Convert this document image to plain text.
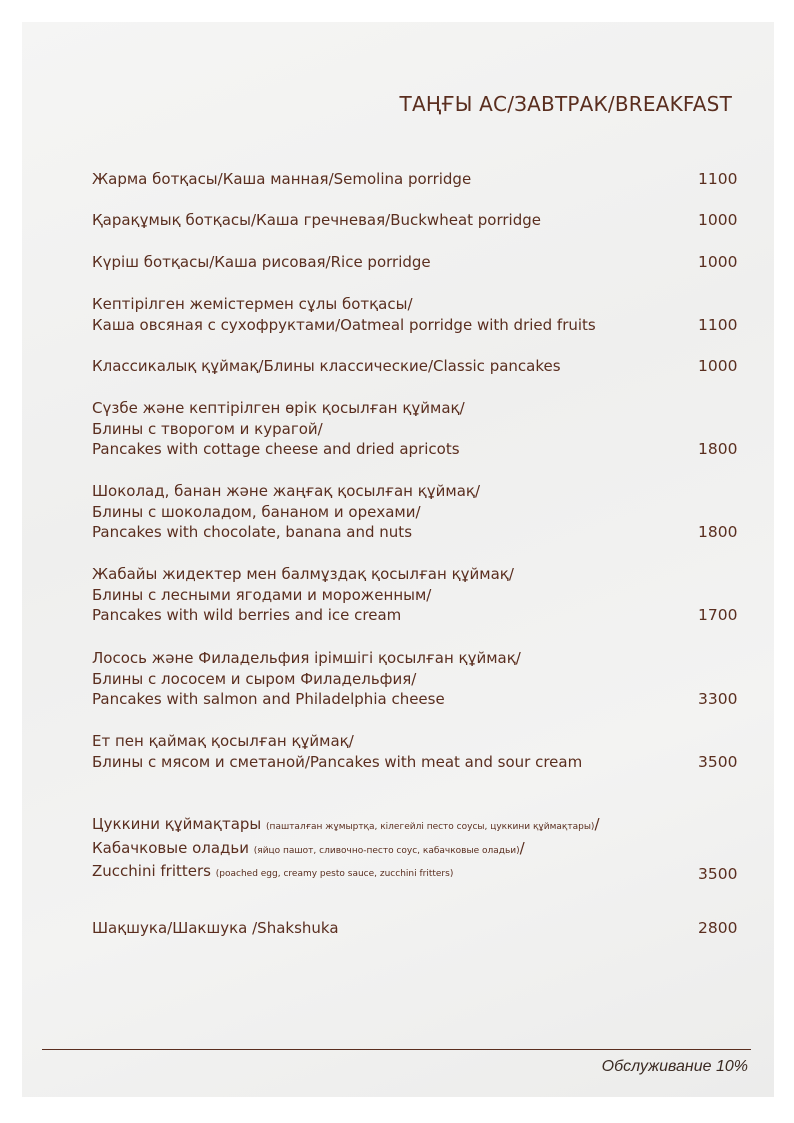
ТАҢҒЫ АС/ЗАВТРАК/BREAKFAST
Жарма ботқасы/Каша манная/Semolina porridge	1100
Қарақұмық ботқасы/Каша гречневая/Buckwheat porridge	1000
Күріш ботқасы/Каша рисовая/Rice porridge	1000
Кептірілген жемістермен сұлы ботқасы/
Каша овсяная с сухофруктами/Oatmeal porridge with dried fruits	1100
Классикалық құймақ/Блины классические/Classic pancakes	1000
Сүзбе және кептірілген өрік қосылған құймақ/
Блины с творогом и курагой/
Pancakes with cottage cheese and dried apricots	1800
Шоколад, банан және жаңғақ қосылған құймақ/
Блины с шоколадом, бананом и орехами/
Pancakes with chocolate, banana and nuts	1800
Жабайы жидектер мен балмұздақ қосылған құймақ/
Блины с лесными ягодами и мороженным/
Pancakes with wild berries and ice cream	1700
Лосось және Филадельфия ірімшігі қосылған құймақ/
Блины с лососем и сыром Филадельфия/
Pancakes with salmon and Philadelphia cheese	3300
Ет пен қаймақ қосылған құймақ/
Блины с мясом и сметаной/Pancakes with meat and sour cream	3500
Цуккини құймақтары (пашталған жұмыртқа, кілегейлі песто соусы, цуккини құймақтары)/
Кабачковые оладьи (яйцо пашот, сливочно-песто соус, кабачковые оладьи)/
Zucchini fritters (poached egg, creamy pesto sauce, zucchini fritters)	3500
Шақшука/Шакшука /Shakshuka	2800
Обслуживание 10%
